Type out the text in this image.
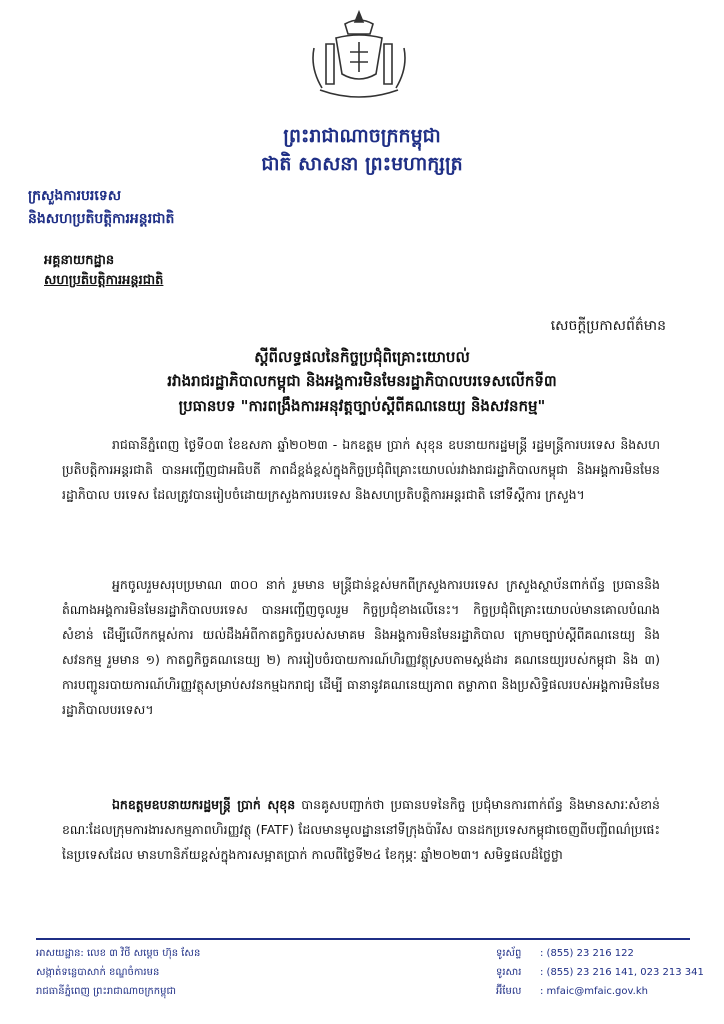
ព្រះរាជាណាចក្រកម្ពុជា
ជាតិ សាសនា ព្រះមហាក្សត្រ
ក្រសួងការបរទេស
និងសហប្រតិបត្តិការអន្តរជាតិ
អគ្គនាយកដ្ឋាន
សហប្រតិបត្តិការអន្តរជាតិ
សេចក្តីប្រកាសព័ត៌មាន
ស្តីពីលទ្ធផលនៃកិច្ចប្រជុំពិគ្រោះយោបល់
រវាងរាជរដ្ឋាភិបាលកម្ពុជា និងអង្គការមិនមែនរដ្ឋាភិបាលបរទេសលើកទី៣
ប្រធានបទ "ការពង្រឹងការអនុវត្តច្បាប់ស្តីពីគណនេយ្យ និងសវនកម្ម"
រាជធានីភ្នំពេញ ថ្ងៃទី០៣ ខែឧសភា ឆ្នាំ២០២៣ - ឯកឧត្តម ប្រាក់ សុខុន ឧបនាយករដ្ឋមន្ត្រី រដ្ឋមន្ត្រីការបរទេស និងសហប្រតិបត្តិការអន្តរជាតិ បានអញ្ជើញជាអធិបតី ភាពដ៏ខ្ពង់ខ្ពស់ក្នុងកិច្ចប្រជុំពិគ្រោះយោបល់រវាងរាជរដ្ឋាភិបាលកម្ពុជា និងអង្គការមិនមែនរដ្ឋាភិបាល បរទេស ដែលត្រូវបានរៀបចំដោយក្រសួងការបរទេស និងសហប្រតិបត្តិការអន្តរជាតិ នៅទីស្តីការ ក្រសួង។
អ្នកចូលរួមសរុបប្រមាណ ៣០០ នាក់ រួមមាន មន្ត្រីជាន់ខ្ពស់មកពីក្រសួងការបរទេស ក្រសួងស្ថាប័នពាក់ព័ន្ធ ប្រធាននិងតំណាងអង្គការមិនមែនរដ្ឋាភិបាលបរទេស បានអញ្ជើញចូលរួម កិច្ចប្រជុំខាងលើនេះ។ កិច្ចប្រជុំពិគ្រោះយោបល់មានគោលបំណងសំខាន់ ដើម្បីលើកកម្ពស់ការ យល់ដឹងអំពីកាតព្វកិច្ចរបស់សមាគម និងអង្គការមិនមែនរដ្ឋាភិបាល ក្រោមច្បាប់ស្តីពីគណនេយ្យ និង សវនកម្ម រួមមាន ១) កាតព្វកិច្ចគណនេយ្យ ២) ការរៀបចំរបាយការណ៍ហិរញ្ញវត្ថុស្របតាមស្តង់ដារ គណនេយ្យរបស់កម្ពុជា និង ៣) ការបញ្ជូនរបាយការណ៍ហិរញ្ញវត្ថុសម្រាប់សវនកម្មឯករាជ្យ ដើម្បី ធានានូវគណនេយ្យភាព តម្លាភាព និងប្រសិទ្ធិផលរបស់អង្គការមិនមែនរដ្ឋាភិបាលបរទេស។
ឯកឧត្តមឧបនាយករដ្ឋមន្ត្រី ប្រាក់ សុខុន បានគូសបញ្ជាក់ថា ប្រធានបទនៃកិច្ច ប្រជុំមានការពាក់ព័ន្ធ និងមានសារៈសំខាន់ ខណៈដែលក្រុមការងារសកម្មភាពហិរញ្ញវត្ថុ (FATF) ដែលមានមូលដ្ឋាននៅទីក្រុងប៉ារីស បានដកប្រទេសកម្ពុជាចេញពីបញ្ជីពណ៌ប្រផេះនៃប្រទេសដែល មានហានិភ័យខ្ពស់ក្នុងការសម្អាតប្រាក់ កាលពីថ្ងៃទី២៤ ខែកុម្ភៈ ឆ្នាំ២០២៣។ សមិទ្ធផលដ៏ថ្លៃថ្លា
អាសយដ្ឋាន: លេខ ៣ វិថី សម្តេច ហ៊ុន សែន
សង្កាត់ទន្លេបាសាក់ ខណ្ឌចំការមន
រាជធានីភ្នំពេញ ព្រះរាជាណាចក្រកម្ពុជា
ទូរស័ព្ទ : (855) 23 216 122
ទូរសារ : (855) 23 216 141, 023 213 341
អ៊ីមែល : mfaic@mfaic.gov.kh
